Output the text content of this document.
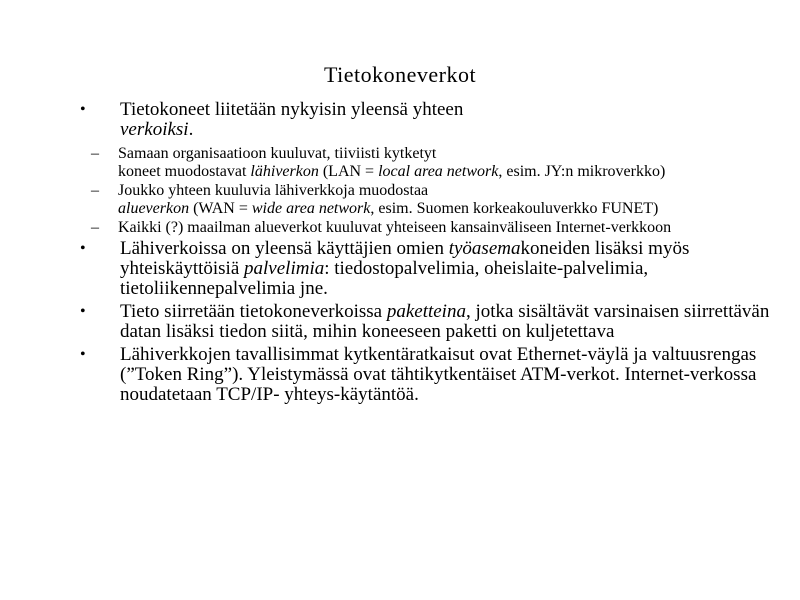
Tietokoneverkot
• Tietokoneet liitetään nykyisin yleensä yhteen
verkoiksi.
– Samaan organisaatioon kuuluvat, tiiviisti kytketyt
koneet muodostavat lähiverkon (LAN = local area network, esim. JY:n mikroverkko)
– Joukko yhteen kuuluvia lähiverkkoja muodostaa
alueverkon (WAN = wide area network, esim. Suomen korkeakouluverkko FUNET)
– Kaikki (?) maailman alueverkot kuuluvat yhteiseen kansainväliseen Internet-verkkoon
• Lähiverkoissa on yleensä käyttäjien omien työasemakoneiden lisäksi myös yhteiskäyttöisiä palvelimia: tiedostopalvelimia, oheislaite-palvelimia, tietoliikennepalvelimia jne.
• Tieto siirretään tietokoneverkoissa paketteina, jotka sisältävät varsinaisen siirrettävän datan lisäksi tiedon siitä, mihin koneeseen paketti on kuljetettava
• Lähiverkkojen tavallisimmat kytkentäratkaisut ovat Ethernet-väylä ja valtuusrengas (”Token Ring”). Yleistymässä ovat tähtikytkentäiset ATM-verkot. Internet-verkossa noudatetaan TCP/IP- yhteys-käytäntöä.
